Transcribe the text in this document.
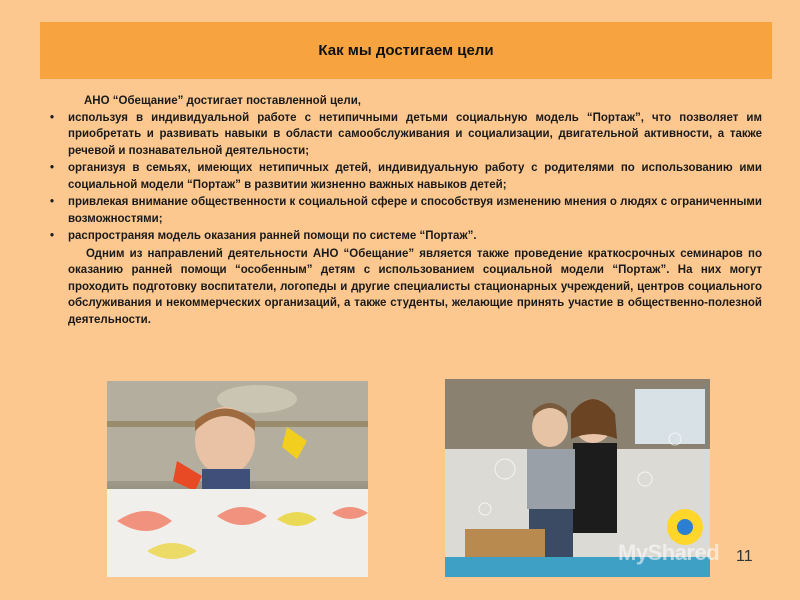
Как мы достигаем цели

АНО “Обещание” достигает поставленной цели,

• используя в индивидуальной работе с нетипичными детьми социальную модель “Портаж”, что позволяет им приобретать и развивать навыки в области самообслуживания и социализации, двигательной активности, а также речевой и познавательной деятельности;
• организуя в семьях, имеющих нетипичных детей, индивидуальную работу с родителями по использованию ими социальной модели “Портаж” в развитии жизненно важных навыков детей;
• привлекая внимание общественности к социальной сфере и способствуя изменению мнения о людях с ограниченными возможностями;
• распространяя модель оказания ранней помощи по системе “Портаж”.

Одним из направлений деятельности АНО “Обещание” является также проведение краткосрочных семинаров по оказанию ранней помощи “особенным” детям с использованием социальной модели “Портаж”. На них могут проходить подготовку воспитатели, логопеды и другие специалисты стационарных учреждений, центров социального обслуживания и некоммерческих организаций, а также студенты, желающие принять участие в общественно-полезной деятельности.

MyShared 11
